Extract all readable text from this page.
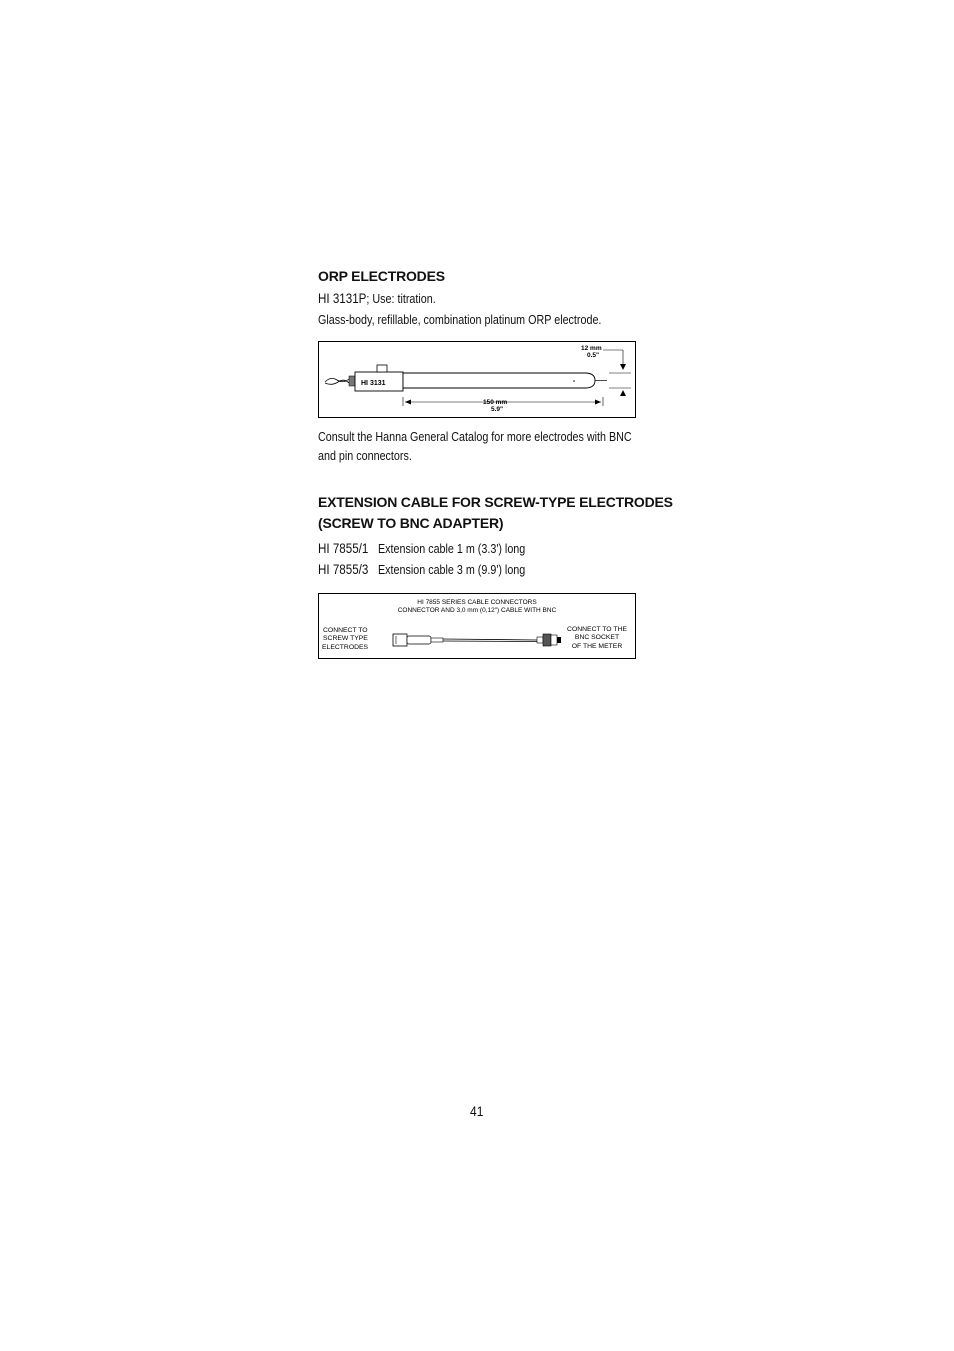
ORP ELECTRODES
HI 3131P; Use: titration.
Glass-body, refillable, combination platinum ORP electrode.
HI 3131
12 mm
0.5"
150 mm
5.9"
Consult the Hanna General Catalog for more electrodes with BNC and pin connectors.
EXTENSION CABLE FOR SCREW-TYPE ELECTRODES
(SCREW TO BNC ADAPTER)
HI 7855/1 Extension cable 1 m (3.3') long
HI 7855/3 Extension cable 3 m (9.9') long
HI 7855 SERIES CABLE CONNECTORS
CONNECTOR AND 3,0 mm (0,12") CABLE WITH BNC
CONNECT TO
SCREW TYPE
ELECTRODES
CONNECT TO THE
BNC SOCKET
OF THE METER
41
